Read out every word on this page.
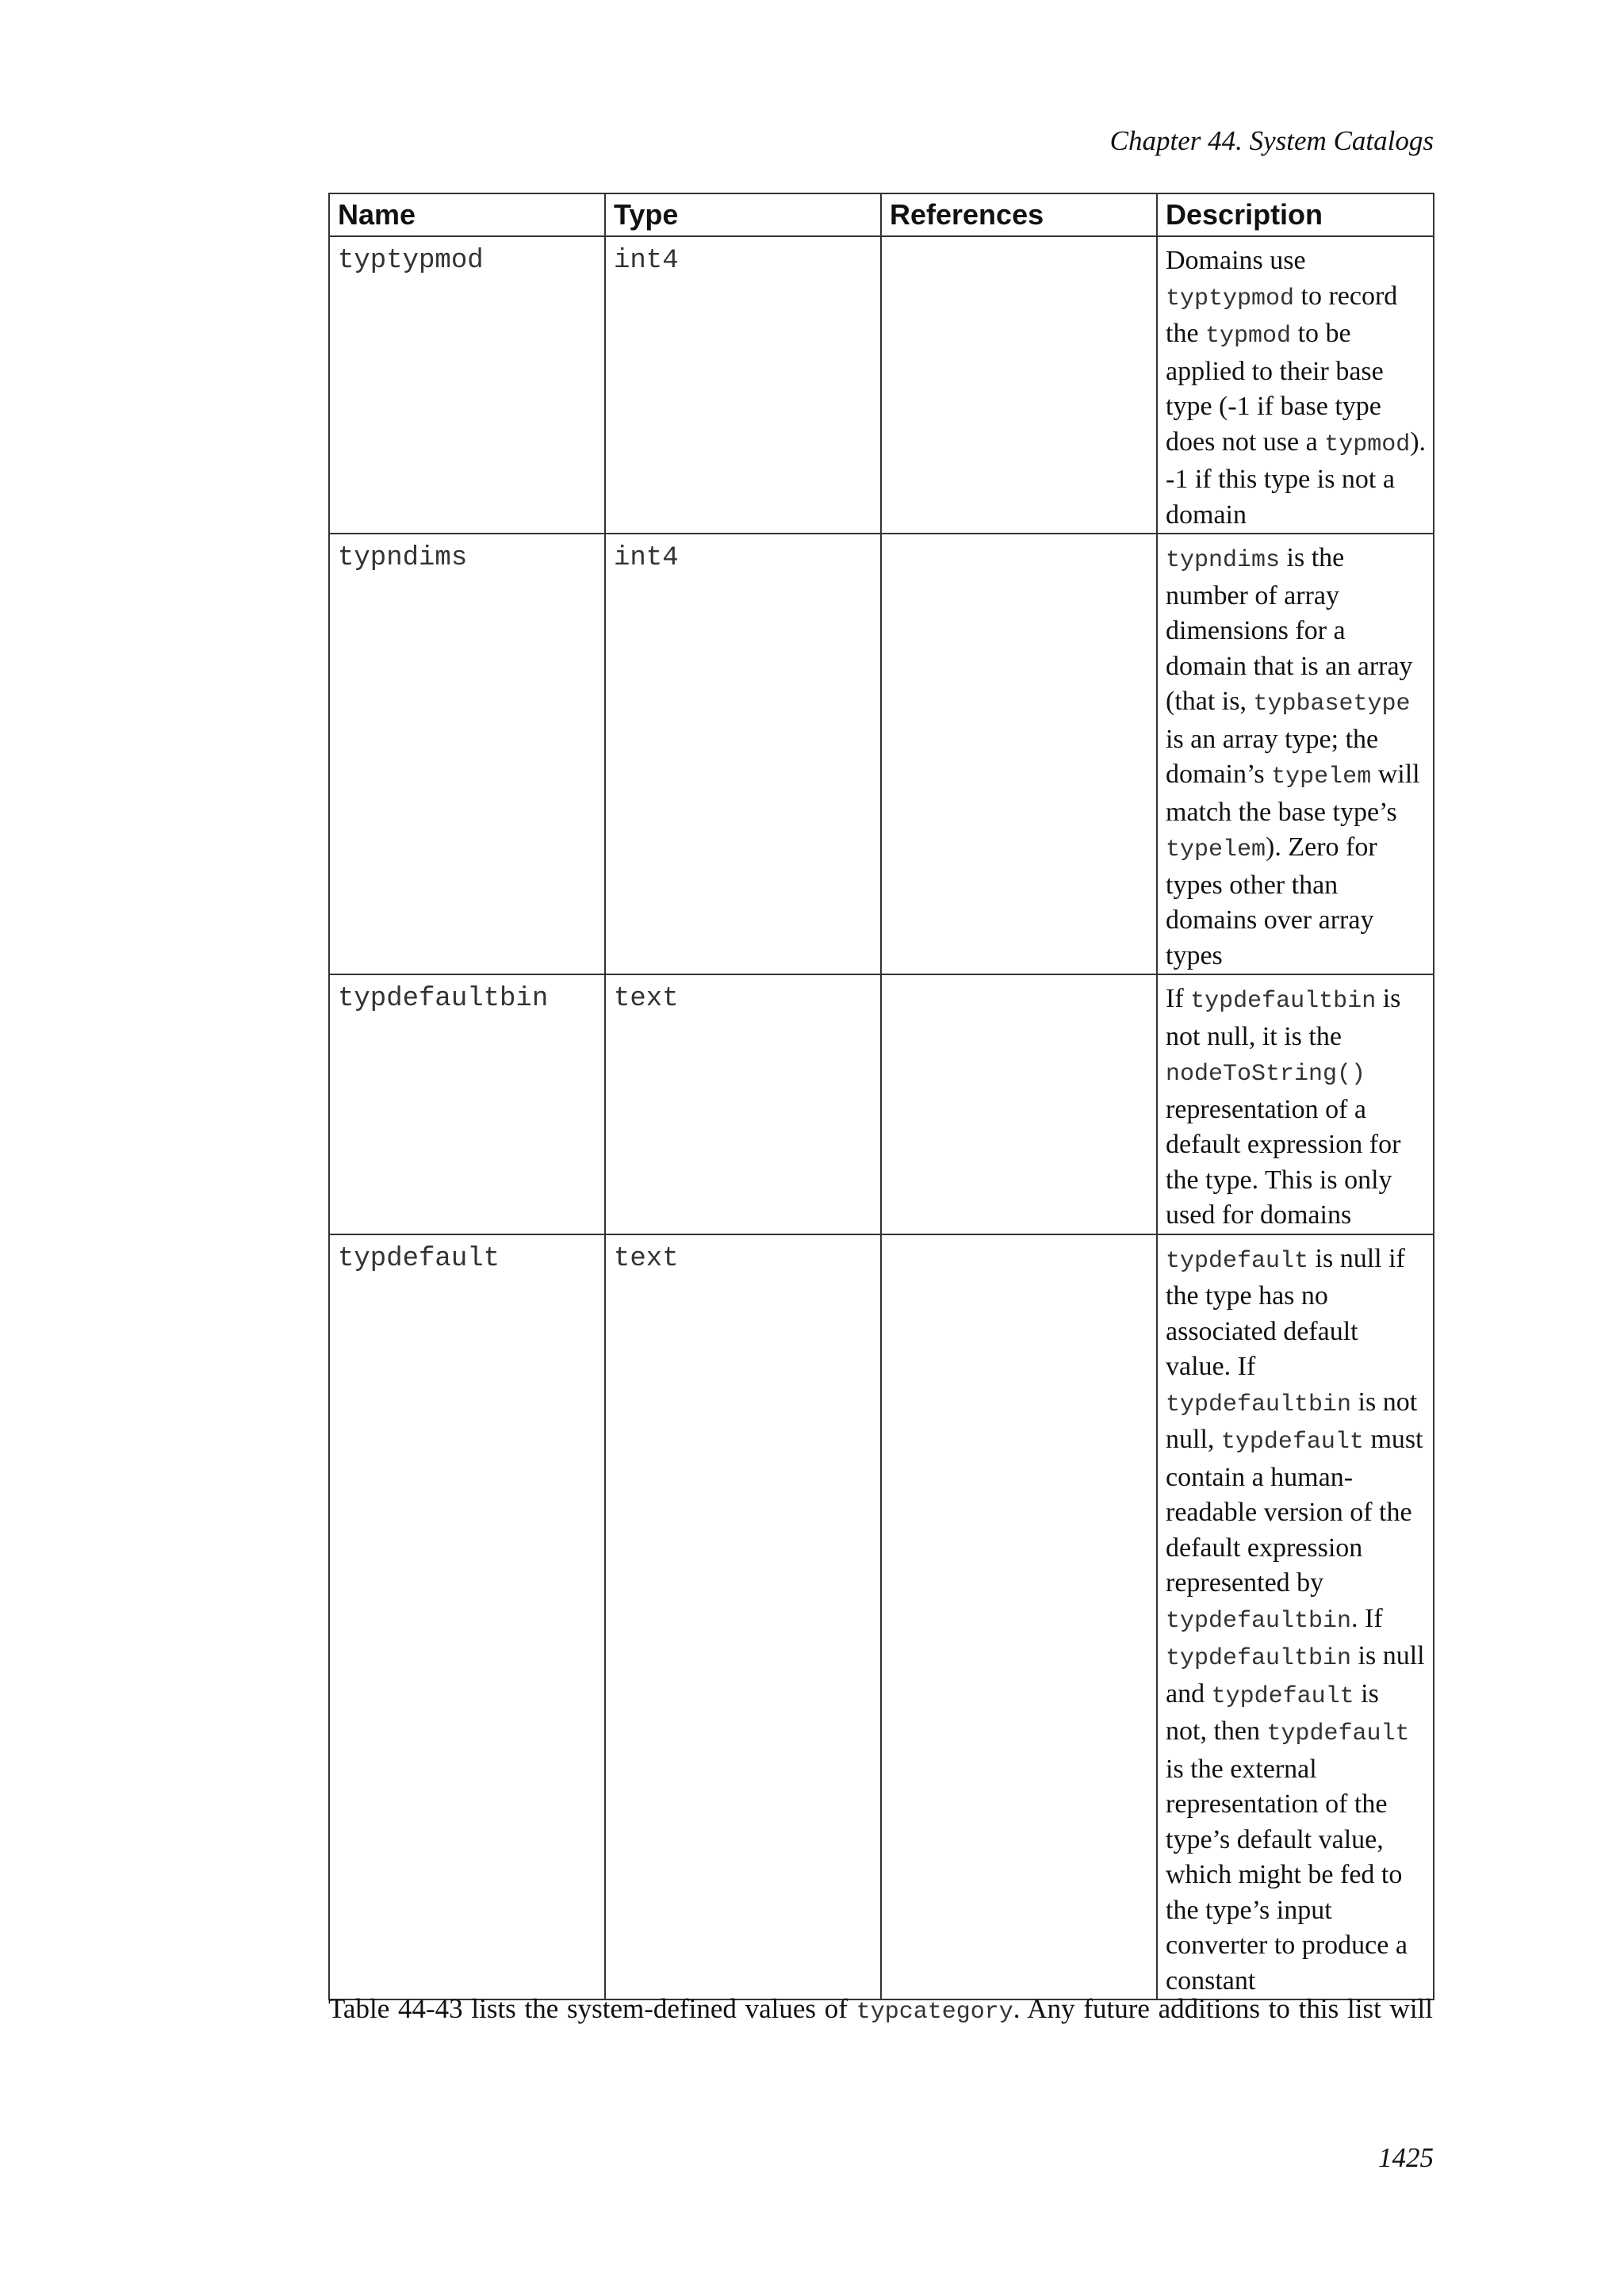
Chapter 44. System Catalogs
Name	Type	References	Description
typtypmod	int4		Domains use typtypmod to record the typmod to be applied to their base type (-1 if base type does not use a typmod). -1 if this type is not a domain

typndims	int4		typndims is the number of array dimensions for a domain that is an array (that is, typbasetype is an array type; the domain’s typelem will match the base type’s typelem). Zero for types other than domains over array types

typdefaultbin	text		If typdefaultbin is not null, it is the nodeToString() representation of a default expression for the type. This is only used for domains

typdefault	text		typdefault is null if the type has no associated default value. If typdefaultbin is not null, typdefault must contain a human-readable version of the default expression represented by typdefaultbin. If typdefaultbin is null and typdefault is not, then typdefault is the external representation of the type’s default value, which might be fed to the type’s input converter to produce a constant
Table 44-43 lists the system-defined values of typcategory. Any future additions to this list will
1425
